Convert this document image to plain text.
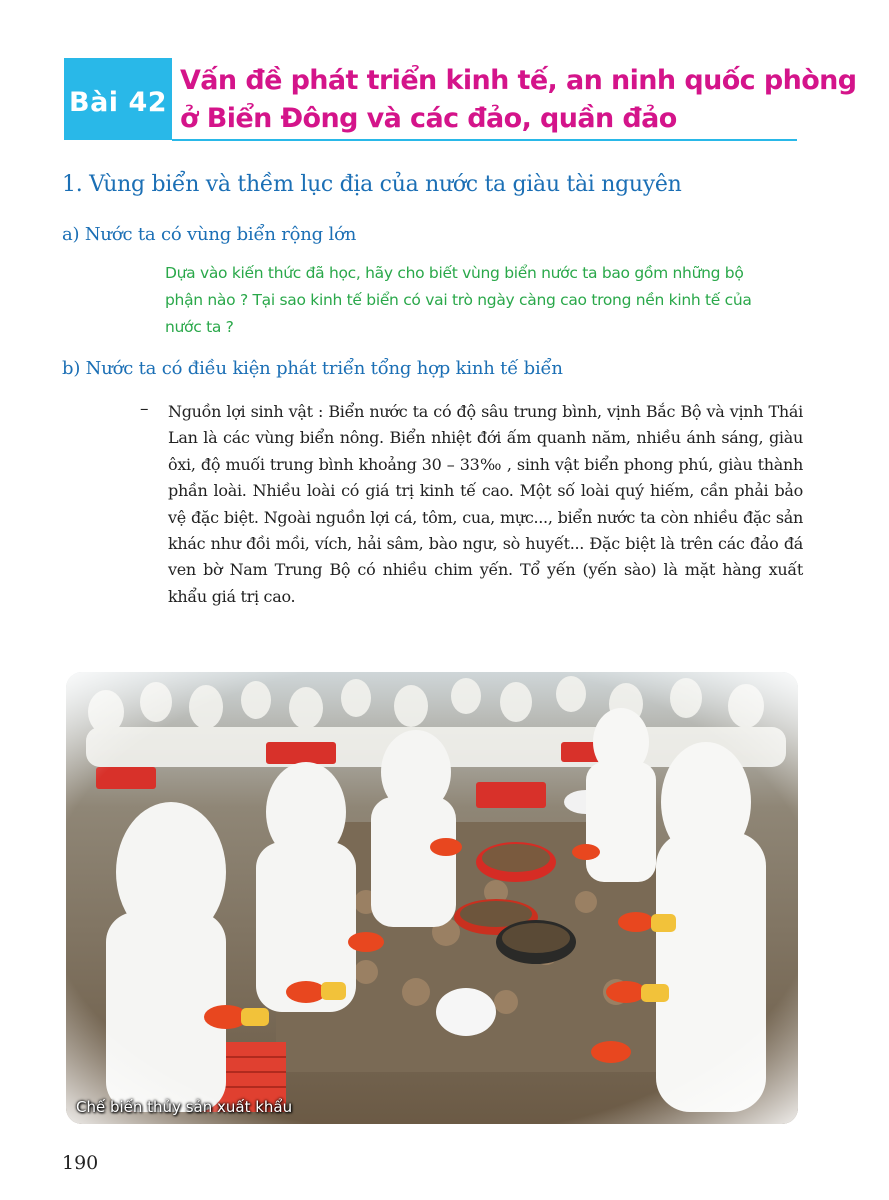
Bài 42
Vấn đề phát triển kinh tế, an ninh quốc phòng
ở Biển Đông và các đảo, quần đảo
1. Vùng biển và thềm lục địa của nước ta giàu tài nguyên
a) Nước ta có vùng biển rộng lớn
Dựa vào kiến thức đã học, hãy cho biết vùng biển nước ta bao gồm những bộ
phận nào ? Tại sao kinh tế biển có vai trò ngày càng cao trong nền kinh tế của
nước ta ?
b) Nước ta có điều kiện phát triển tổng hợp kinh tế biển
– Nguồn lợi sinh vật : Biển nước ta có độ sâu trung bình, vịnh Bắc Bộ và vịnh Thái Lan là các vùng biển nông. Biển nhiệt đới ấm quanh năm, nhiều ánh sáng, giàu ôxi, độ muối trung bình khoảng 30 – 33‰ , sinh vật biển phong phú, giàu thành phần loài. Nhiều loài có giá trị kinh tế cao. Một số loài quý hiếm, cần phải bảo vệ đặc biệt. Ngoài nguồn lợi cá, tôm, cua, mực..., biển nước ta còn nhiều đặc sản khác như đồi mồi, vích, hải sâm, bào ngư, sò huyết... Đặc biệt là trên các đảo đá ven bờ Nam Trung Bộ có nhiều chim yến. Tổ yến (yến sào) là mặt hàng xuất khẩu giá trị cao.

Chế biến thủy sản xuất khẩu
190
